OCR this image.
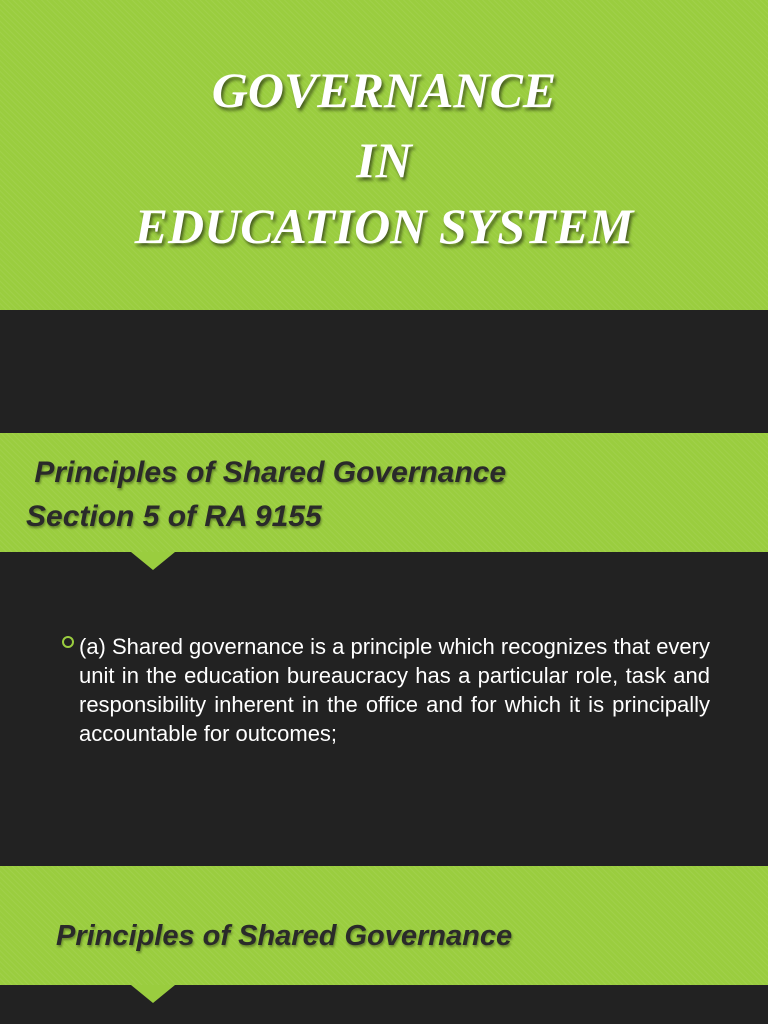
GOVERNANCE
IN
EDUCATION SYSTEM
Principles of Shared Governance
Section 5 of RA 9155
(a) Shared governance is a principle which recognizes that every unit in the education bureaucracy has a particular role, task and responsibility inherent in the office and for which it is principally accountable for outcomes;
Principles of Shared Governance
